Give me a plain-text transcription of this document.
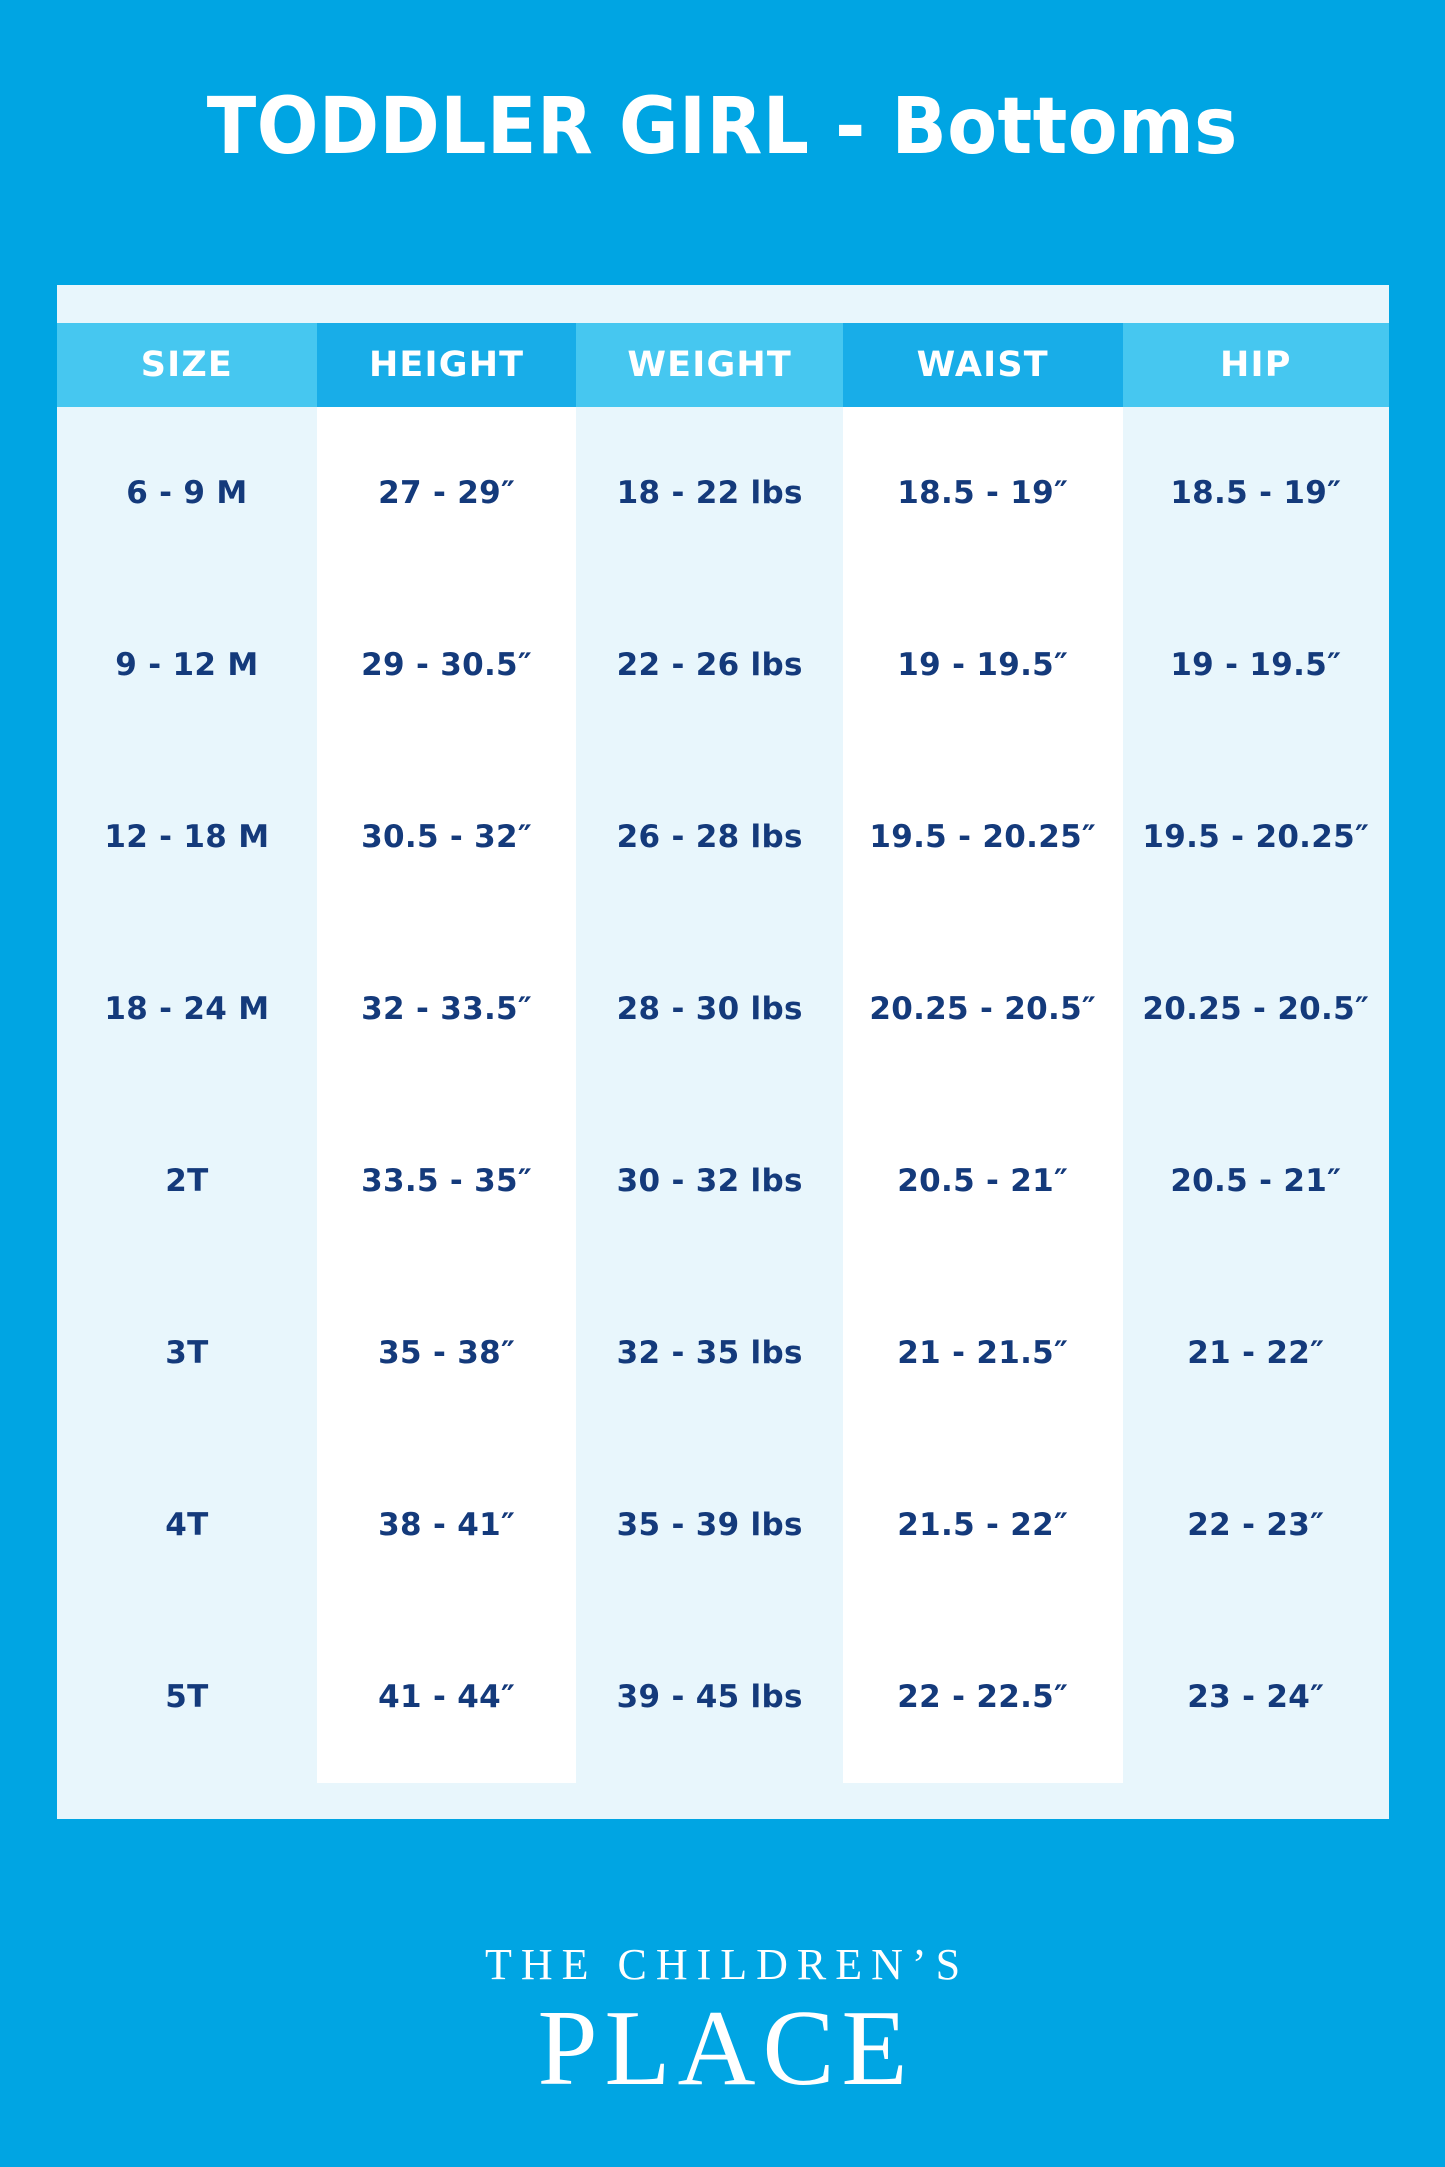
TODDLER GIRL - Bottoms
SIZE	HEIGHT	WEIGHT	WAIST	HIP
6 - 9 M	27 - 29″	18 - 22 lbs	18.5 - 19″	18.5 - 19″
9 - 12 M	29 - 30.5″	22 - 26 lbs	19 - 19.5″	19 - 19.5″
12 - 18 M	30.5 - 32″	26 - 28 lbs	19.5 - 20.25″	19.5 - 20.25″
18 - 24 M	32 - 33.5″	28 - 30 lbs	20.25 - 20.5″	20.25 - 20.5″
2T	33.5 - 35″	30 - 32 lbs	20.5 - 21″	20.5 - 21″
3T	35 - 38″	32 - 35 lbs	21 - 21.5″	21 - 22″
4T	38 - 41″	35 - 39 lbs	21.5 - 22″	22 - 23″
5T	41 - 44″	39 - 45 lbs	22 - 22.5″	23 - 24″
THE CHILDREN’S
PLACE
